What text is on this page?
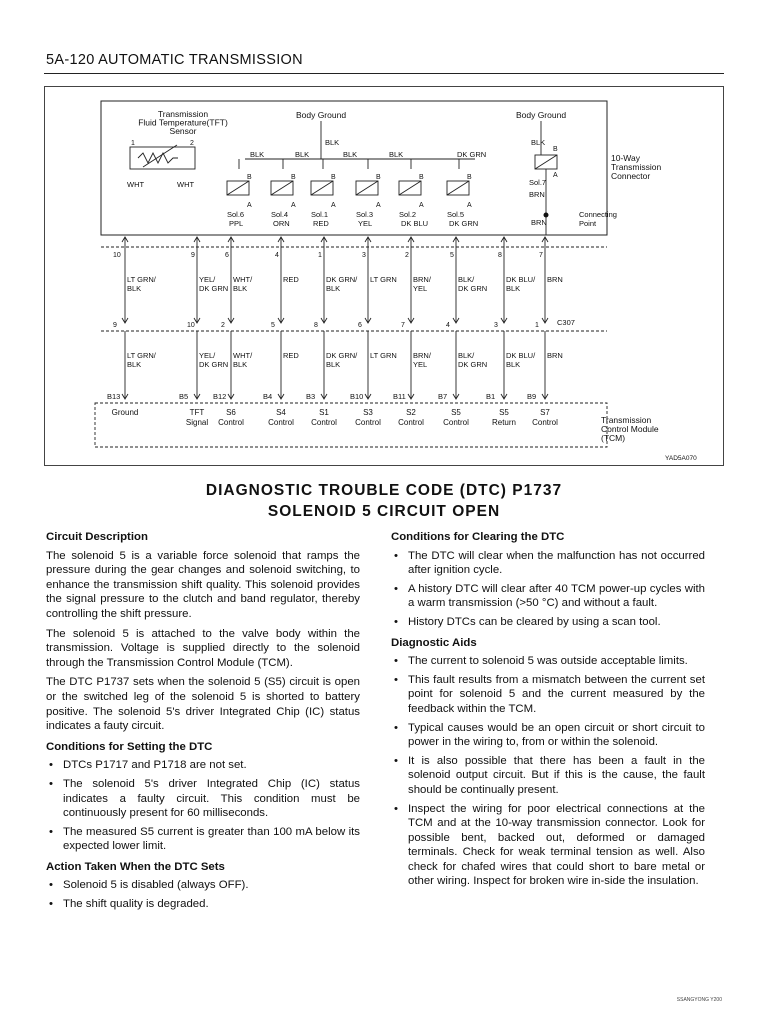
5A-120 AUTOMATIC TRANSMISSION
Transmission
Fluid Temperature(TFT)
Sensor
1	2
WHT	WHT
Body Ground	Body Ground
BLK	BLK
BLK	BLK	BLK	BLK	DK GRN
B
A
Sol.6
PPL
B
A
Sol.4
ORN
B
A
Sol.1
RED
B
A
Sol.3
YEL
B
A
Sol.2
DK BLU
B
A
Sol.5
DK GRN
B
A
Sol.7
BRN
BRN
Connecting
Point
10-Way
Transmission
Connector
10
LT GRN/
BLK
9
YEL/
DK GRN
6
WHT/
BLK
4
RED
1
DK GRN/
BLK
3
LT GRN
2
BRN/
YEL
5
BLK/
DK GRN
8
DK BLU/
BLK
7
BRN
C307
9
LT GRN/
BLK
B13
Ground
10
YEL/
DK GRN
B5
TFT
Signal
2
WHT/
BLK
B12
S6
Control
5
RED
B4
S4
Control
8
DK GRN/
BLK
B3
S1
Control
6
LT GRN
B10
S3
Control
7
BRN/
YEL
B11
S2
Control
4
BLK/
DK GRN
B7
S5
Control
3
DK BLU/
BLK
B1
S5
Return
1
BRN
B9
S7
Control	Transmission
Control Module
(TCM)
YAD5A070
DIAGNOSTIC TROUBLE CODE (DTC) P1737
SOLENOID 5 CIRCUIT OPEN
Circuit Description

The solenoid 5 is a variable force solenoid that ramps the pressure during the gear changes and solenoid switching, to enhance the transmission shift quality. This solenoid provides the signal pressure to the clutch and band regulator, thereby controlling the shift pressure.

The solenoid 5 is attached to the valve body within the transmission. Voltage is supplied directly to the solenoid through the Transmission Control Module (TCM).

The DTC P1737 sets when the solenoid 5 (S5) circuit is open or the switched leg of the solenoid 5 is shorted to battery positive. The solenoid 5's driver Integrated Chip (IC) status indicates a fauty circuit.

Conditions for Setting the DTC
• DTCs P1717 and P1718 are not set.
• The solenoid 5's driver Integrated Chip (IC) status indicates a faulty circuit. This condition must be continuously present for 60 milliseconds.
• The measured S5 current is greater than 100 mA below its expected lower limit.
Action Taken When the DTC Sets
• Solenoid 5 is disabled (always OFF).
• The shift quality is degraded.
Conditions for Clearing the DTC
• The DTC will clear when the malfunction has not occurred after ignition cycle.
• A history DTC will clear after 40 TCM power-up cycles with a warm transmission (>50 °C) and without a fault.
• History DTCs can be cleared by using a scan tool.
Diagnostic Aids
• The current to solenoid 5 was outside acceptable limits.
• This fault results from a mismatch between the current set point for solenoid 5 and the current measured by the feedback within the TCM.
• Typical causes would be an open circuit or short circuit to power in the wiring to, from or within the solenoid.
• It is also possible that there has been a fault in the solenoid output circuit. But if this is the cause, the fault should be continually present.
• Inspect the wiring for poor electrical connections at the TCM and at the 10-way transmission connector. Look for possible bent, backed out, deformed or damaged terminals. Check for weak terminal tension as well. Also check for chafed wires that could short to bare metal or other wiring. Inspect for broken wire in-side the insulation.
SSANGYONG Y200
